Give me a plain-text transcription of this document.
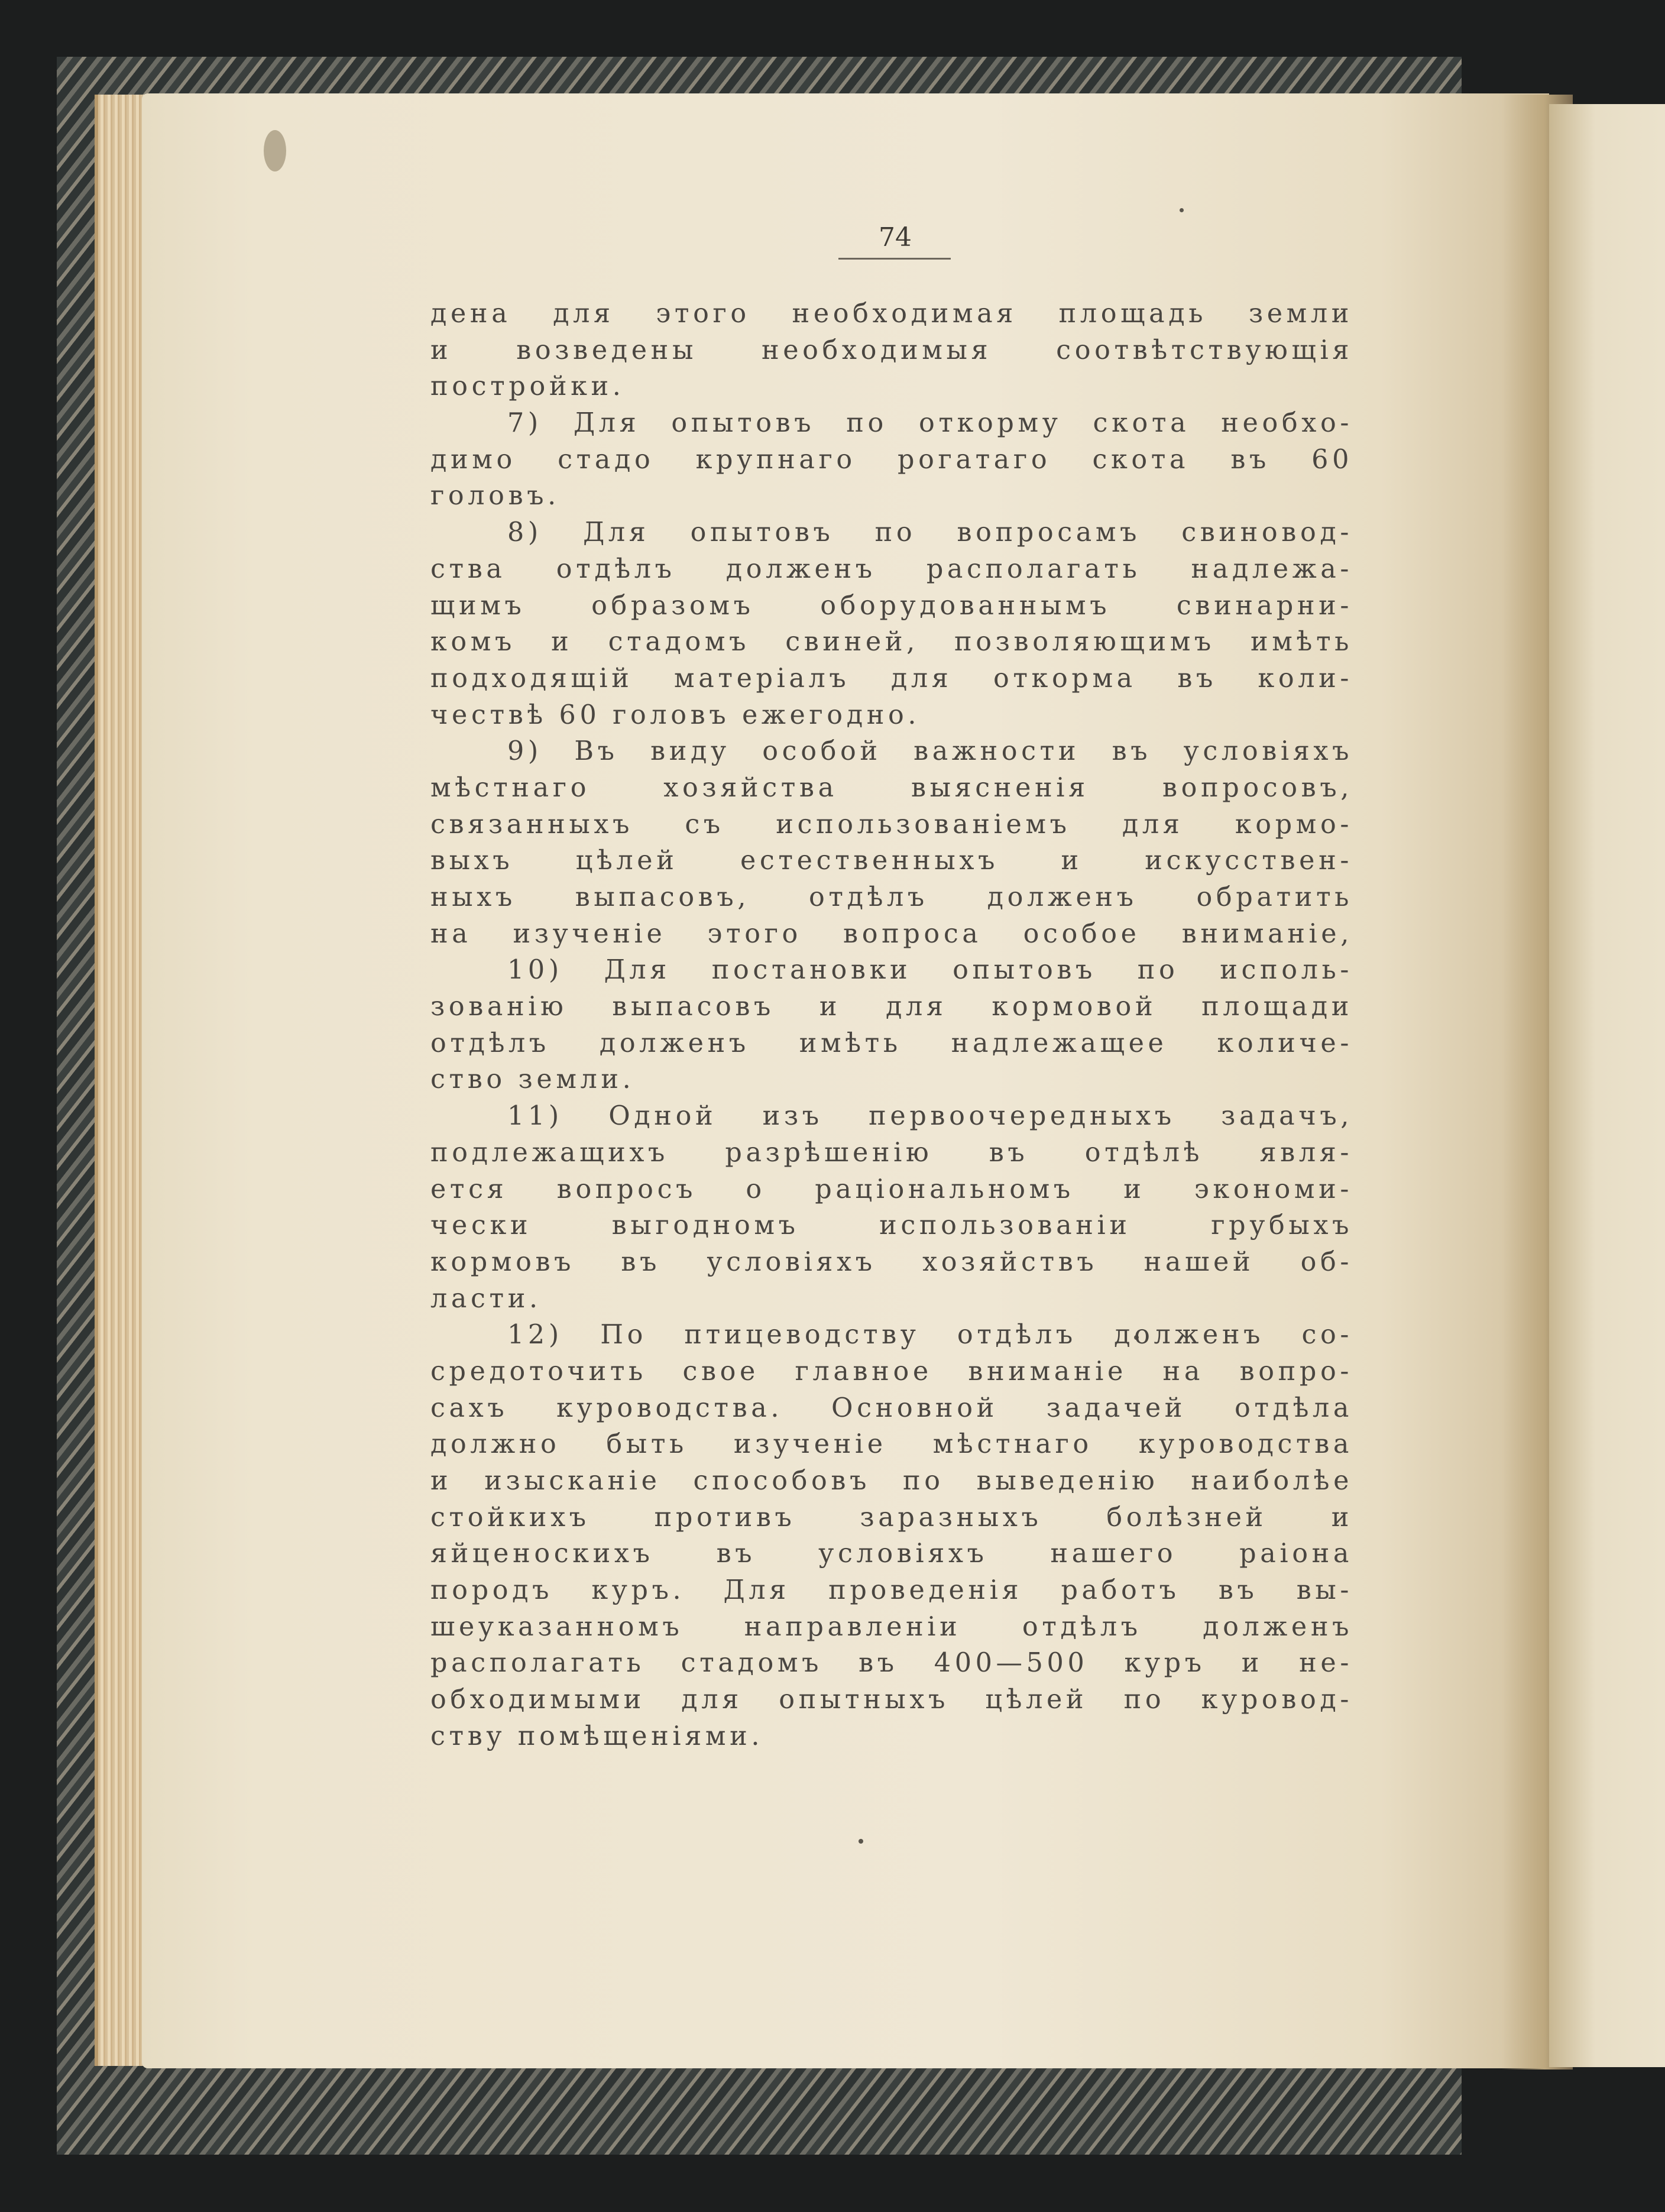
74
дена для этого необходимая площадь земли
и возведены необходимыя соотвѣтствующія
постройки.
7) Для опытовъ по откорму скота необхо-
димо стадо крупнаго рогатаго скота въ 60
головъ.
8) Для опытовъ по вопросамъ свиновод-
ства отдѣлъ долженъ располагать надлежа-
щимъ образомъ оборудованнымъ свинарни-
комъ и стадомъ свиней, позволяющимъ имѣть
подходящій матеріалъ для откорма въ коли-
чествѣ 60 головъ ежегодно.
9) Въ виду особой важности въ условіяхъ
мѣстнаго хозяйства выясненія вопросовъ,
связанныхъ съ использованіемъ для кормо-
выхъ цѣлей естественныхъ и искусствен-
ныхъ выпасовъ, отдѣлъ долженъ обратить
на изученіе этого вопроса особое вниманіе,
10) Для постановки опытовъ по исполь-
зованію выпасовъ и для кормовой площади
отдѣлъ долженъ имѣть надлежащее количе-
ство земли.
11) Одной изъ первоочередныхъ задачъ,
подлежащихъ разрѣшенію въ отдѣлѣ явля-
ется вопросъ о раціональномъ и экономи-
чески выгодномъ использованіи грубыхъ
кормовъ въ условіяхъ хозяйствъ нашей об-
ласти.
12) По птицеводству отдѣлъ долженъ со-
средоточить свое главное вниманіе на вопро-
сахъ куроводства. Основной задачей отдѣла
должно быть изученіе мѣстнаго куроводства
и изысканіе способовъ по выведенію наиболѣе
стойкихъ противъ заразныхъ болѣзней и
яйценоскихъ въ условіяхъ нашего раіона
породъ куръ. Для проведенія работъ въ вы-
шеуказанномъ направленіи отдѣлъ долженъ
располагать стадомъ въ 400—500 куръ и не-
обходимыми для опытныхъ цѣлей по куровод-
ству помѣщеніями.
